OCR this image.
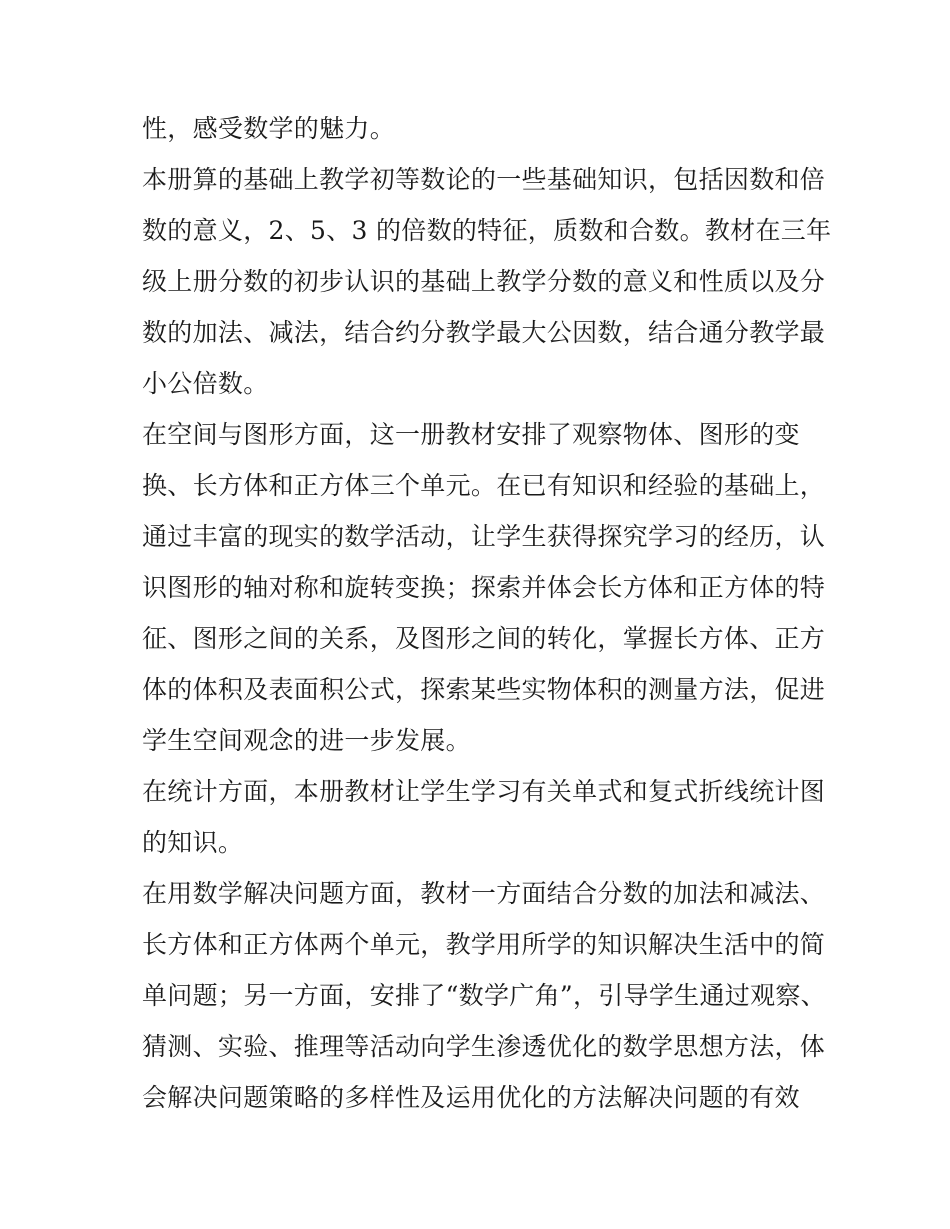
性，感受数学的魅力。
本册算的基础上教学初等数论的一些基础知识，包括因数和倍
数的意义，2、5、3 的倍数的特征，质数和合数。教材在三年
级上册分数的初步认识的基础上教学分数的意义和性质以及分
数的加法、减法，结合约分教学最大公因数，结合通分教学最
小公倍数。
在空间与图形方面，这一册教材安排了观察物体、图形的变
换、长方体和正方体三个单元。在已有知识和经验的基础上，
通过丰富的现实的数学活动，让学生获得探究学习的经历，认
识图形的轴对称和旋转变换；探索并体会长方体和正方体的特
征、图形之间的关系，及图形之间的转化，掌握长方体、正方
体的体积及表面积公式，探索某些实物体积的测量方法，促进
学生空间观念的进一步发展。
在统计方面，本册教材让学生学习有关单式和复式折线统计图
的知识。
在用数学解决问题方面，教材一方面结合分数的加法和减法、
长方体和正方体两个单元，教学用所学的知识解决生活中的简
单问题；另一方面，安排了“数学广角”，引导学生通过观察、
猜测、实验、推理等活动向学生渗透优化的数学思想方法，体
会解决问题策略的多样性及运用优化的方法解决问题的有效
